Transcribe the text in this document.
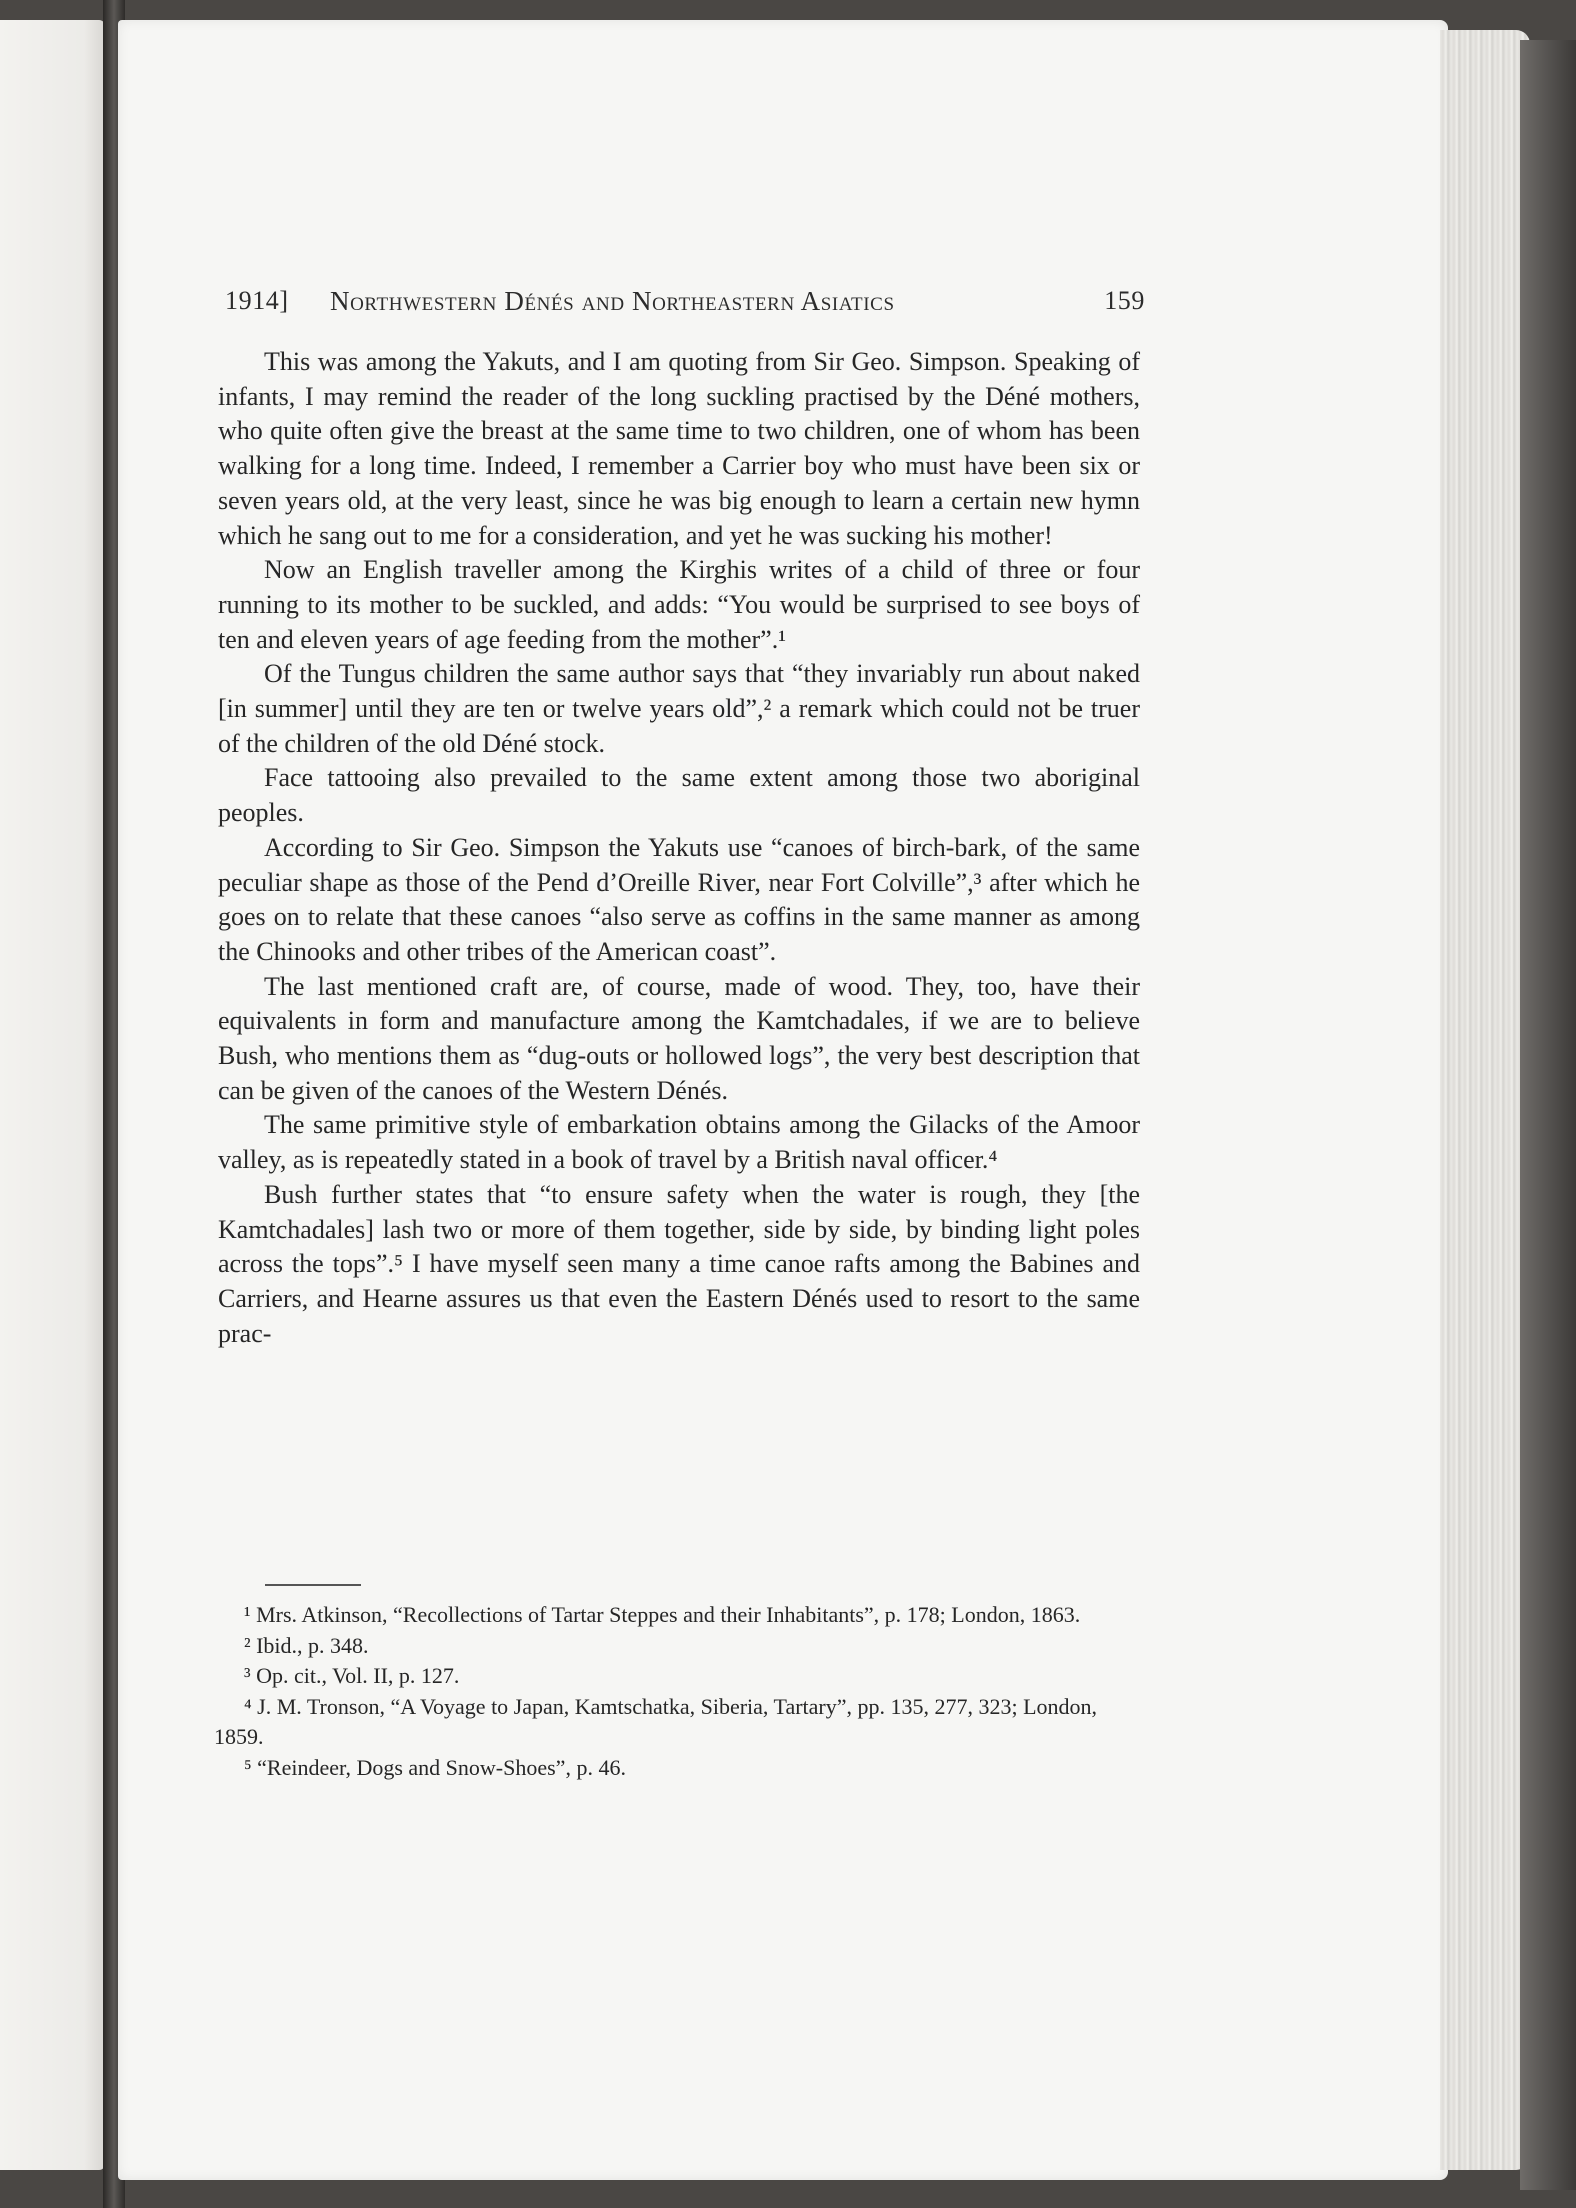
1914] Northwestern Dénés and Northeastern Asiatics	159

This was among the Yakuts, and I am quoting from Sir Geo. Simpson. Speaking of infants, I may remind the reader of the long suckling practised by the Déné mothers, who quite often give the breast at the same time to two children, one of whom has been walking for a long time. Indeed, I remember a Carrier boy who must have been six or seven years old, at the very least, since he was big enough to learn a certain new hymn which he sang out to me for a consideration, and yet he was sucking his mother!

Now an English traveller among the Kirghis writes of a child of three or four running to its mother to be suckled, and adds: “You would be surprised to see boys of ten and eleven years of age feeding from the mother”.¹

Of the Tungus children the same author says that “they invariably run about naked [in summer] until they are ten or twelve years old”,² a remark which could not be truer of the children of the old Déné stock.

Face tattooing also prevailed to the same extent among those two aboriginal peoples.

According to Sir Geo. Simpson the Yakuts use “canoes of birch-bark, of the same peculiar shape as those of the Pend d’Oreille River, near Fort Colville”,³ after which he goes on to relate that these canoes “also serve as coffins in the same manner as among the Chinooks and other tribes of the American coast”.

The last mentioned craft are, of course, made of wood. They, too, have their equivalents in form and manufacture among the Kamtchadales, if we are to believe Bush, who mentions them as “dug-outs or hollowed logs”, the very best description that can be given of the canoes of the Western Dénés.

The same primitive style of embarkation obtains among the Gilacks of the Amoor valley, as is repeatedly stated in a book of travel by a British naval officer.⁴

Bush further states that “to ensure safety when the water is rough, they [the Kamtchadales] lash two or more of them together, side by side, by binding light poles across the tops”.⁵ I have myself seen many a time canoe rafts among the Babines and Carriers, and Hearne assures us that even the Eastern Dénés used to resort to the same prac-

¹ Mrs. Atkinson, “Recollections of Tartar Steppes and their Inhabitants”, p. 178; London, 1863.

² Ibid., p. 348.

³ Op. cit., Vol. II, p. 127.

⁴ J. M. Tronson, “A Voyage to Japan, Kamtschatka, Siberia, Tartary”, pp. 135, 277, 323; London, 1859.

⁵ “Reindeer, Dogs and Snow-Shoes”, p. 46.
